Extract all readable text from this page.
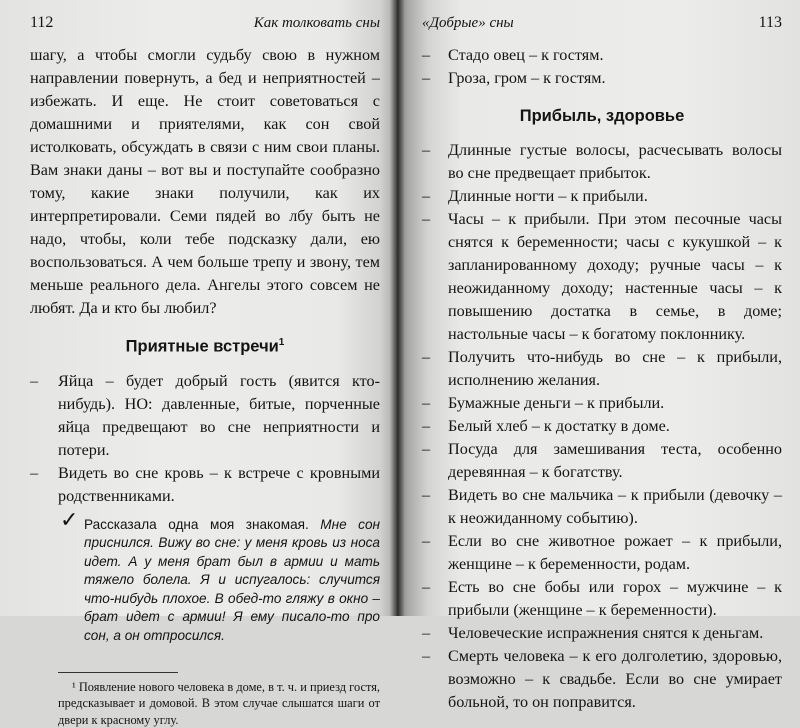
112	Как толковать сны

шагу, а чтобы смогли судьбу свою в нужном направлении повернуть, а бед и неприятностей – избежать. И еще. Не стоит советоваться с домашними и приятелями, как сон свой истолковать, обсуждать в связи с ним свои планы. Вам знаки даны – вот вы и поступайте сообразно тому, какие знаки получили, как их интерпретировали. Семи пядей во лбу быть не надо, чтобы, коли тебе подсказку дали, ею воспользоваться. А чем больше трепу и звону, тем меньше реального дела. Ангелы этого совсем не любят. Да и кто бы любил?

Приятные встречи$^1$
– Яйца – будет добрый гость (явится кто-нибудь). НО: давленные, битые, порченные яйца предвещают во сне неприятности и потери.
– Видеть во сне кровь – к встрече с кровными родственниками.
✓ Рассказала одна моя знакомая. Мне сон приснился. Вижу во сне: у меня кровь из носа идет. А у меня брат был в армии и мать тяжело болела. Я и испугалось: случится что-нибудь плохое. В обед-то гляжу в окно – брат идет с армии! Я ему писало-то про сон, а он отпросился.
¹ Появление нового человека в доме, в т. ч. и приезд гостя, предсказывает и домовой. В этом случае слышатся шаги от двери к красному углу.
«Добрые» сны	113
– Стадо овец – к гостям.
– Гроза, гром – к гостям.
Прибыль, здоровье
– Длинные густые волосы, расчесывать волосы во сне предвещает прибыток.
– Длинные ногти – к прибыли.
– Часы – к прибыли. При этом песочные часы снятся к беременности; часы с кукушкой – к запланированному доходу; ручные часы – к неожиданному доходу; настенные часы – к повышению достатка в семье, в доме; настольные часы – к богатому поклоннику.
– Получить что-нибудь во сне – к прибыли, исполнению желания.
– Бумажные деньги – к прибыли.
– Белый хлеб – к достатку в доме.
– Посуда для замешивания теста, особенно деревянная – к богатству.
– Видеть во сне мальчика – к прибыли (девочку – к неожиданному событию).
– Если во сне животное рожает – к прибыли, женщине – к беременности, родам.
– Есть во сне бобы или горох – мужчине – к прибыли (женщине – к беременности).
– Человеческие испражнения снятся к деньгам.
– Смерть человека – к его долголетию, здоровью, возможно – к свадьбе. Если во сне умирает больной, то он поправится.
